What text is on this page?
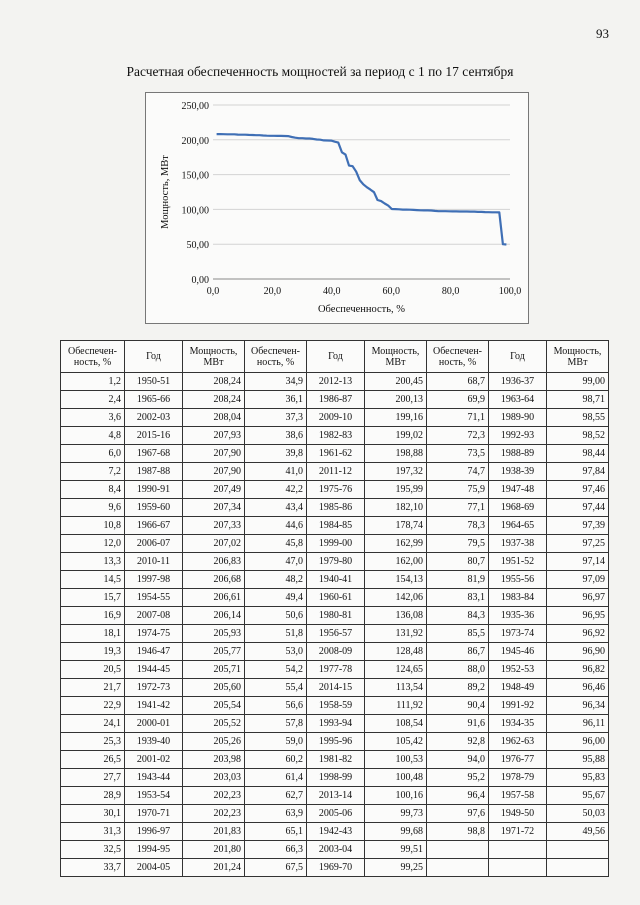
93
Расчетная обеспеченность мощностей за период с 1 по 17 сентября
0,00
50,00
100,00
150,00
200,00
250,00
0,0	20,0	40,0	60,0	80,0	100,0
Обеспеченность, %
Мощность, МВт
Обеспечен-ность, %	Год	Мощность, МВт	Обеспечен-ность, %	Год	Мощность, МВт	Обеспечен-ность, %	Год	Мощность, МВт
1,2	1950-51	208,24	34,9	2012-13	200,45	68,7	1936-37	99,00
2,4	1965-66	208,24	36,1	1986-87	200,13	69,9	1963-64	98,71
3,6	2002-03	208,04	37,3	2009-10	199,16	71,1	1989-90	98,55
4,8	2015-16	207,93	38,6	1982-83	199,02	72,3	1992-93	98,52
6,0	1967-68	207,90	39,8	1961-62	198,88	73,5	1988-89	98,44
7,2	1987-88	207,90	41,0	2011-12	197,32	74,7	1938-39	97,84
8,4	1990-91	207,49	42,2	1975-76	195,99	75,9	1947-48	97,46
9,6	1959-60	207,34	43,4	1985-86	182,10	77,1	1968-69	97,44
10,8	1966-67	207,33	44,6	1984-85	178,74	78,3	1964-65	97,39
12,0	2006-07	207,02	45,8	1999-00	162,99	79,5	1937-38	97,25
13,3	2010-11	206,83	47,0	1979-80	162,00	80,7	1951-52	97,14
14,5	1997-98	206,68	48,2	1940-41	154,13	81,9	1955-56	97,09
15,7	1954-55	206,61	49,4	1960-61	142,06	83,1	1983-84	96,97
16,9	2007-08	206,14	50,6	1980-81	136,08	84,3	1935-36	96,95
18,1	1974-75	205,93	51,8	1956-57	131,92	85,5	1973-74	96,92
19,3	1946-47	205,77	53,0	2008-09	128,48	86,7	1945-46	96,90
20,5	1944-45	205,71	54,2	1977-78	124,65	88,0	1952-53	96,82
21,7	1972-73	205,60	55,4	2014-15	113,54	89,2	1948-49	96,46
22,9	1941-42	205,54	56,6	1958-59	111,92	90,4	1991-92	96,34
24,1	2000-01	205,52	57,8	1993-94	108,54	91,6	1934-35	96,11
25,3	1939-40	205,26	59,0	1995-96	105,42	92,8	1962-63	96,00
26,5	2001-02	203,98	60,2	1981-82	100,53	94,0	1976-77	95,88
27,7	1943-44	203,03	61,4	1998-99	100,48	95,2	1978-79	95,83
28,9	1953-54	202,23	62,7	2013-14	100,16	96,4	1957-58	95,67
30,1	1970-71	202,23	63,9	2005-06	99,73	97,6	1949-50	50,03
31,3	1996-97	201,83	65,1	1942-43	99,68	98,8	1971-72	49,56
32,5	1994-95	201,80	66,3	2003-04	99,51			
33,7	2004-05	201,24	67,5	1969-70	99,25			
